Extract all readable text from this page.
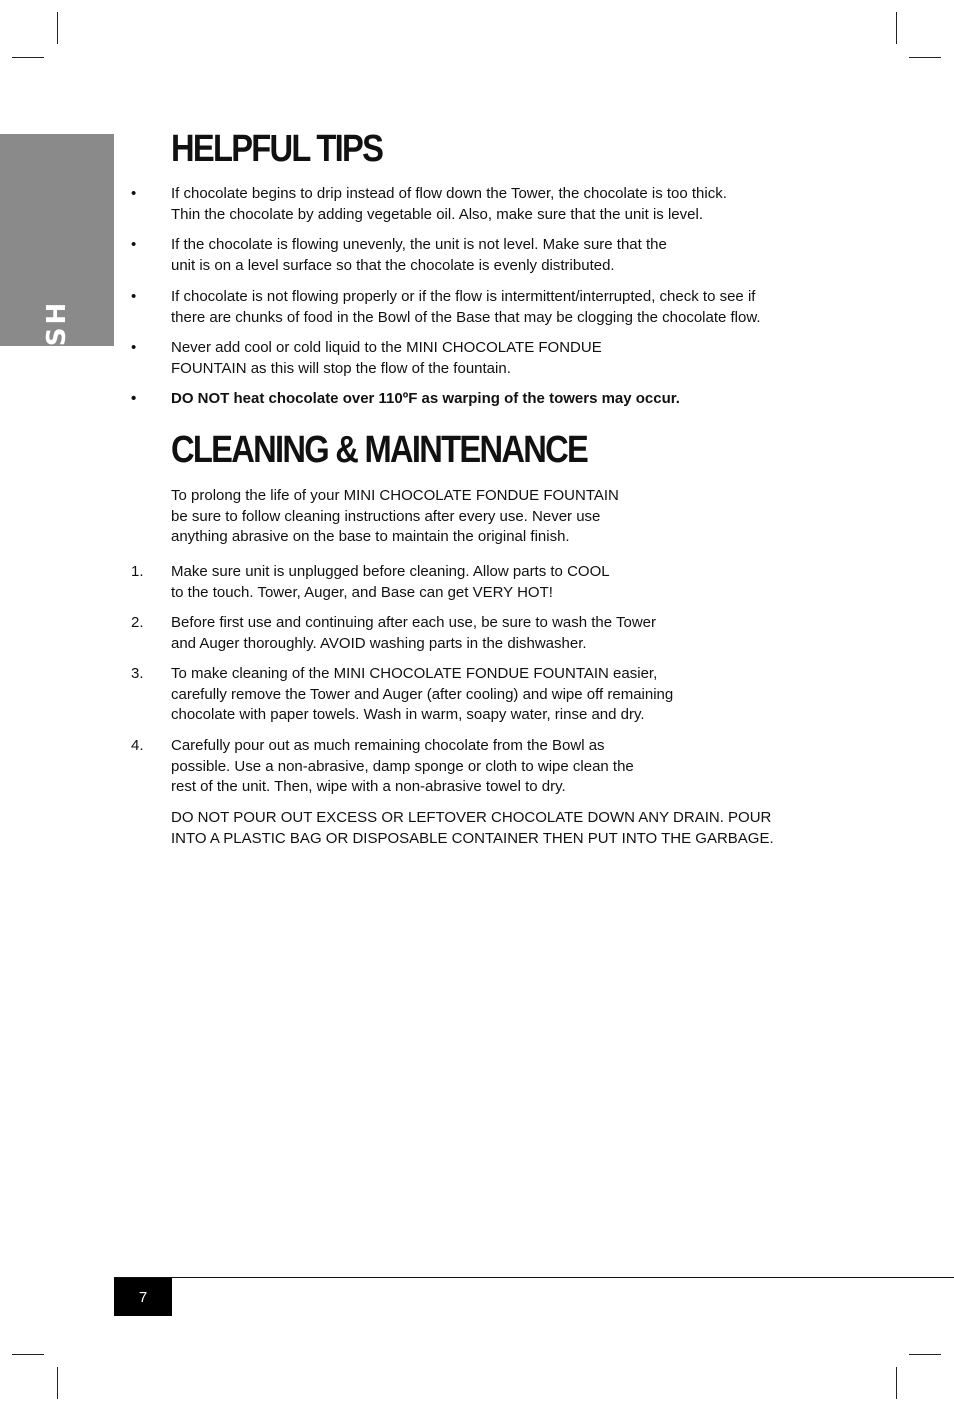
ENGLISH
HELPFUL TIPS
•	If chocolate begins to drip instead of flow down the Tower, the chocolate is too thick.
Thin the chocolate by adding vegetable oil. Also, make sure that the unit is level.
•	If the chocolate is flowing unevenly, the unit is not level. Make sure that the
unit is on a level surface so that the chocolate is evenly distributed.
•	If chocolate is not flowing properly or if the flow is intermittent/interrupted, check to see if
there are chunks of food in the Bowl of the Base that may be clogging the chocolate flow.
•	Never add cool or cold liquid to the MINI CHOCOLATE FONDUE
FOUNTAIN as this will stop the flow of the fountain.
•	DO NOT heat chocolate over 110ºF as warping of the towers may occur.
CLEANING & MAINTENANCE
To prolong the life of your MINI CHOCOLATE FONDUE FOUNTAIN
be sure to follow cleaning instructions after every use. Never use
anything abrasive on the base to maintain the original finish.
1.	Make sure unit is unplugged before cleaning. Allow parts to COOL
to the touch. Tower, Auger, and Base can get VERY HOT!
2.	Before first use and continuing after each use, be sure to wash the Tower
and Auger thoroughly. AVOID washing parts in the dishwasher.
3.	To make cleaning of the MINI CHOCOLATE FONDUE FOUNTAIN easier,
carefully remove the Tower and Auger (after cooling) and wipe off remaining
chocolate with paper towels. Wash in warm, soapy water, rinse and dry.
4.	Carefully pour out as much remaining chocolate from the Bowl as
possible. Use a non-abrasive, damp sponge or cloth to wipe clean the
rest of the unit. Then, wipe with a non-abrasive towel to dry.
DO NOT POUR OUT EXCESS OR LEFTOVER CHOCOLATE DOWN ANY DRAIN. POUR
INTO A PLASTIC BAG OR DISPOSABLE CONTAINER THEN PUT INTO THE GARBAGE.
7
